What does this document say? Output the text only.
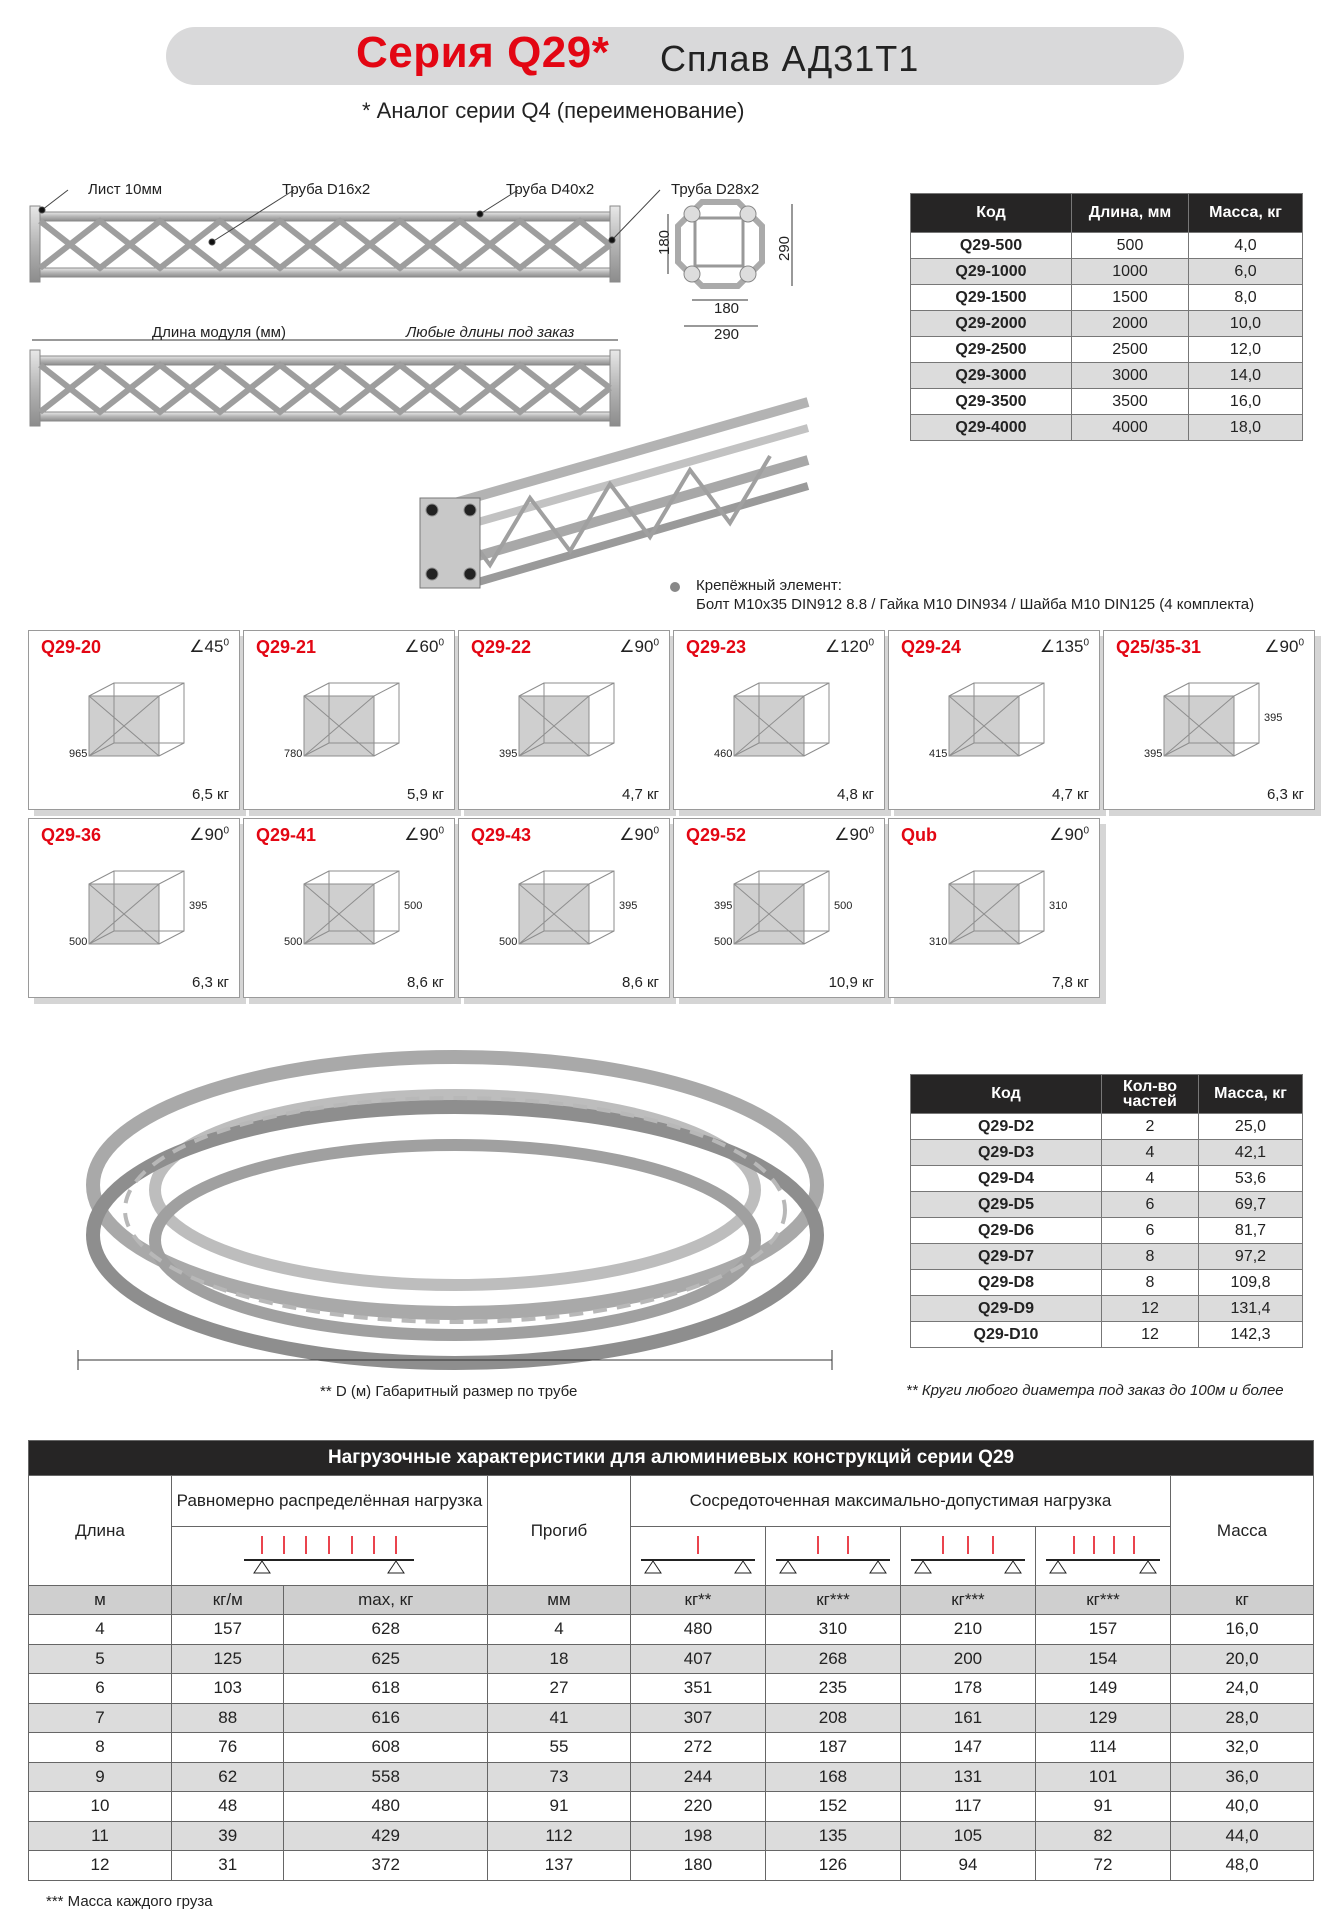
Серия Q29* Сплав АД31Т1
* Аналог серии Q4 (переименование)
Лист 10мм	Труба D16x2	Труба D40x2	Труба D28x2
180	290
180
290
Длина модуля (мм)	Любые длины под заказ
Код	Длина, мм	Масса, кг
Q29-500	500	4,0
Q29-1000	1000	6,0
Q29-1500	1500	8,0
Q29-2000	2000	10,0
Q29-2500	2500	12,0
Q29-3000	3000	14,0
Q29-3500	3500	16,0
Q29-4000	4000	18,0
Крепёжный элемент:
Болт М10х35 DIN912 8.8 / Гайка М10 DIN934 / Шайба М10 DIN125 (4 комплекта)
Q29-20	$\angle 45^0$
965
6,5 кг
Q29-21	$\angle 60^0$
780
5,9 кг
Q29-22	$\angle 90^0$
395
4,7 кг
Q29-23	$\angle 120^0$
460
4,8 кг
Q29-24	$\angle 135^0$
415
4,7 кг
Q25/35-31	$\angle 90^0$
395
395
6,3 кг
Q29-36	$\angle 90^0$
500
395
6,3 кг
Q29-41	$\angle 90^0$
500
500
8,6 кг
Q29-43	$\angle 90^0$
500
395
8,6 кг
Q29-52	$\angle 90^0$
500
500
395
10,9 кг
Qub	$\angle 90^0$
310
310
7,8 кг
** D (м) Габаритный размер по трубе	** Круги любого диаметра под заказ до 100м и более
Код	Кол-во частей	Масса, кг
Q29-D2	2	25,0
Q29-D3	4	42,1
Q29-D4	4	53,6
Q29-D5	6	69,7
Q29-D6	6	81,7
Q29-D7	8	97,2
Q29-D8	8	109,8
Q29-D9	12	131,4
Q29-D10	12	142,3
Нагрузочные характеристики для алюминиевых конструкций серии Q29								
Длина	Равномерно распределённая нагрузка		Прогиб	Сосредоточенная максимально-допустимая нагрузка				Масса

м	кг/м	max, кг	мм	кг**	кг***	кг***	кг***	кг
4	157	628	4	480	310	210	157	16,0
5	125	625	18	407	268	200	154	20,0
6	103	618	27	351	235	178	149	24,0
7	88	616	41	307	208	161	129	28,0
8	76	608	55	272	187	147	114	32,0
9	62	558	73	244	168	131	101	36,0
10	48	480	91	220	152	117	91	40,0
11	39	429	112	198	135	105	82	44,0
12	31	372	137	180	126	94	72	48,0
*** Масса каждого груза
